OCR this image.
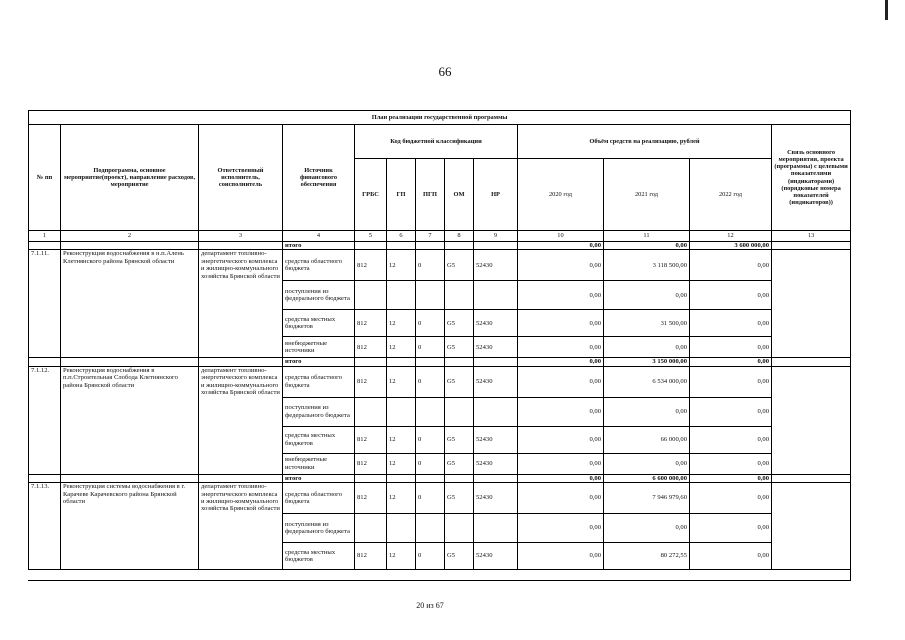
66
План реализации государственной программы												
№ пп	Подпрограмма, основное мероприятие(проект), направление расходов, мероприятие	Ответственный исполнитель, соисполнитель	Источник финансового обеспечения	Код бюджетной классификации					Объём средств на реализацию, рублей			Связь основного мероприятия, проекта (программы) с целевыми показателями (индикаторами) (порядковые номера показателей (индикаторов))
				ГРБС	ГП	ПГП	ОМ	НР	2020 год	2021 год	2022 год	
1	2	3	4	5	6	7	8	9	10	11	12	13
			итого						0,00	0,00	3 600 000,00	
7.1.11.	Реконструкция водоснабжения в н.п.Алень Клетнянского района Брянской области	департамент топливно-энергетического комплекса и жилищно-коммунального хозяйства Брянской области	средства областного бюджета	812	12	0	G5	52430	0,00	3 118 500,00	0,00	
			поступления из федерального бюджета						0,00	0,00	0,00	
			средства местных бюджетов	812	12	0	G5	52430	0,00	31 500,00	0,00	
			внебюджетные источники	812	12	0	G5	52430	0,00	0,00	0,00	
			итого						0,00	3 150 000,00	0,00	
7.1.12.	Реконструкция водоснабжения в п.п.Строительная Слобода Клетнянского района Брянской области	департамент топливно-энергетического комплекса и жилищно-коммунального хозяйства Брянской области	средства областного бюджета	812	12	0	G5	52430	0,00	6 534 000,00	0,00	
			поступления из федерального бюджета						0,00	0,00	0,00	
			средства местных бюджетов	812	12	0	G5	52430	0,00	66 000,00	0,00	
			внебюджетные источники	812	12	0	G5	52430	0,00	0,00	0,00	
			итого						0,00	6 600 000,00	0,00	
7.1.13.	Реконструкция системы водоснабжения в г. Карачеве Карачевского района Брянской области	департамент топливно-энергетического комплекса и жилищно-коммунального хозяйства Брянской области	средства областного бюджета	812	12	0	G5	52430	0,00	7 946 979,60	0,00	
			поступления из федерального бюджета						0,00	0,00	0,00	
			средства местных бюджетов	812	12	0	G5	52430	0,00	80 272,55	0,00	
20 из 67
